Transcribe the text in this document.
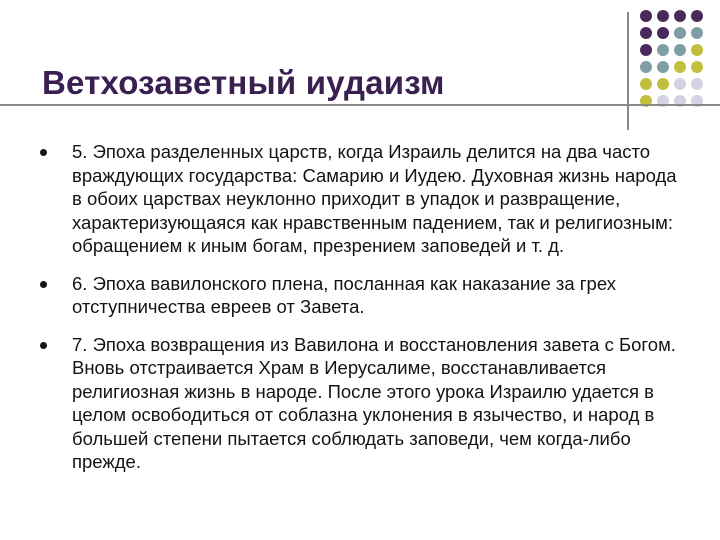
Ветхозаветный иудаизм
5. Эпоха разделенных царств, когда Израиль делится на два часто враждующих государства: Самарию и Иудею. Духовная жизнь народа в обоих царствах неуклонно приходит в упадок и развращение, характеризующаяся как нравственным падением, так и религиозным: обращением к иным богам, презрением заповедей и т. д.
6. Эпоха вавилонского плена, посланная как наказание за грех отступничества евреев от Завета.
7. Эпоха возвращения из Вавилона и восстановления завета с Богом. Вновь отстраивается Храм в Иерусалиме, восстанавливается религиозная жизнь в народе. После этого урока Израилю удается в целом освободиться от соблазна уклонения в язычество, и народ в большей степени пытается соблюдать заповеди, чем когда-либо прежде.
